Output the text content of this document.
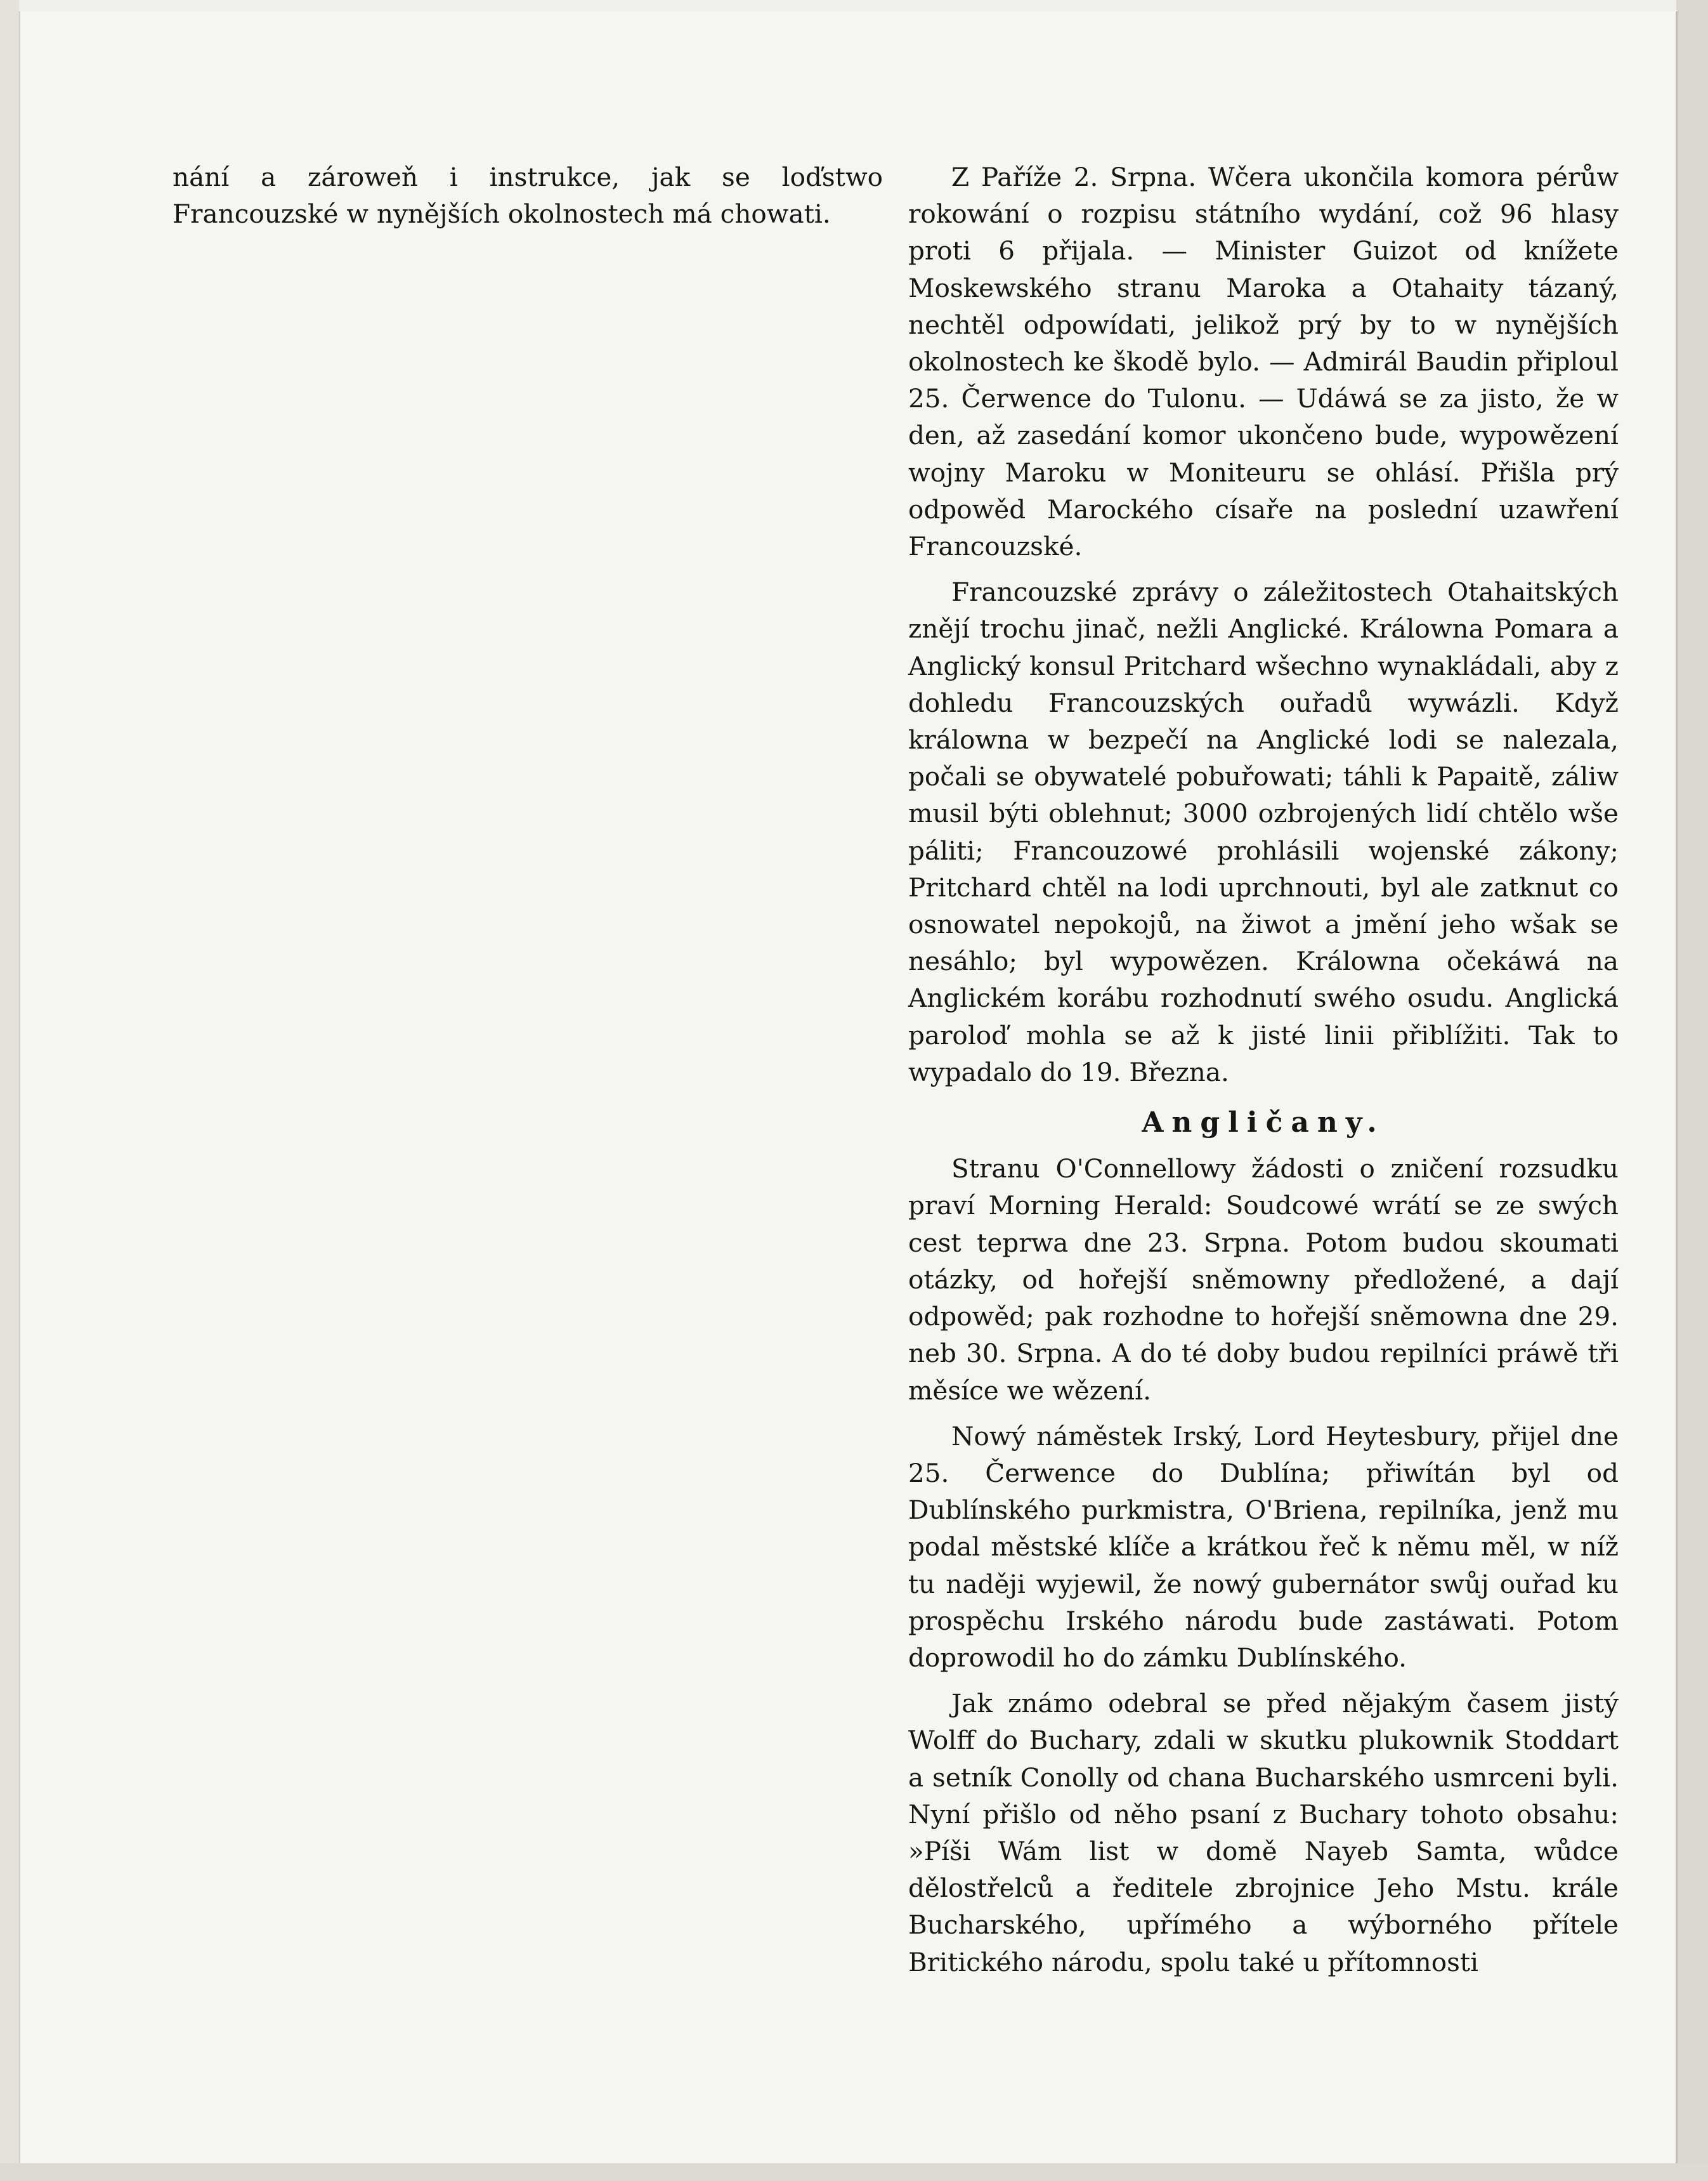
nání a zároweň i instrukce, jak se loďstwo Francouzské w nynějších okolnostech má chowati.

Z Paříže 2. Srpna. Wčera ukončila komora pérůw rokowání o rozpisu státního wydání, což 96 hlasy proti 6 přijala. — Minister Guizot od knížete Moskewského stranu Maroka a Otahaity tázaný, nechtěl odpowídati, jelikož prý by to w nynějších okolnostech ke škodě bylo. — Admirál Baudin připloul 25. Čerwence do Tulonu. — Udáwá se za jisto, že w den, až zasedání komor ukončeno bude, wypowězení wojny Maroku w Moniteuru se ohlásí. Přišla prý odpowěd Marockého císaře na poslední uzawření Francouzské.

Francouzské zprávy o záležitostech Otahaitských znějí trochu jinač, nežli Anglické. Králowna Pomara a Anglický konsul Pritchard wšechno wynakládali, aby z dohledu Francouzských ouřadů wywázli. Když králowna w bezpečí na Anglické lodi se nalezala, počali se obywatelé pobuřowati; táhli k Papaitě, záliw musil býti oblehnut; 3000 ozbrojených lidí chtělo wše páliti; Francouzowé prohlásili wojenské zákony; Pritchard chtěl na lodi uprchnouti, byl ale zatknut co osnowatel nepokojů, na žiwot a jmění jeho wšak se nesáhlo; byl wypowězen. Králowna očekáwá na Anglickém korábu rozhodnutí swého osudu. Anglická paroloď mohla se až k jisté linii přiblížiti. Tak to wypadalo do 19. Března.

Angličany.

Stranu O'Connellowy žádosti o zničení rozsudku praví Morning Herald: Soudcowé wrátí se ze swých cest teprwa dne 23. Srpna. Potom budou skoumati otázky, od hořejší sněmowny předložené, a dají odpowěd; pak rozhodne to hořejší sněmowna dne 29. neb 30. Srpna. A do té doby budou repilníci práwě tři měsíce we wězení.

Nowý náměstek Irský, Lord Heytesbury, přijel dne 25. Čerwence do Dublína; přiwítán byl od Dublínského purkmistra, O'Briena, repilníka, jenž mu podal městské klíče a krátkou řeč k němu měl, w níž tu naději wyjewil, že nowý gubernátor swůj ouřad ku prospěchu Irského národu bude zastáwati. Potom doprowodil ho do zámku Dublínského.

Jak známo odebral se před nějakým časem jistý Wolff do Buchary, zdali w skutku plukownik Stoddart a setník Conolly od chana Bucharského usmrceni byli. Nyní přišlo od něho psaní z Buchary tohoto obsahu: »Píši Wám list w domě Nayeb Samta, wůdce dělostřelců a ředitele zbrojnice Jeho Mstu. krále Bucharského, upřímého a wýborného přítele Britického národu, spolu také u přítomnosti
